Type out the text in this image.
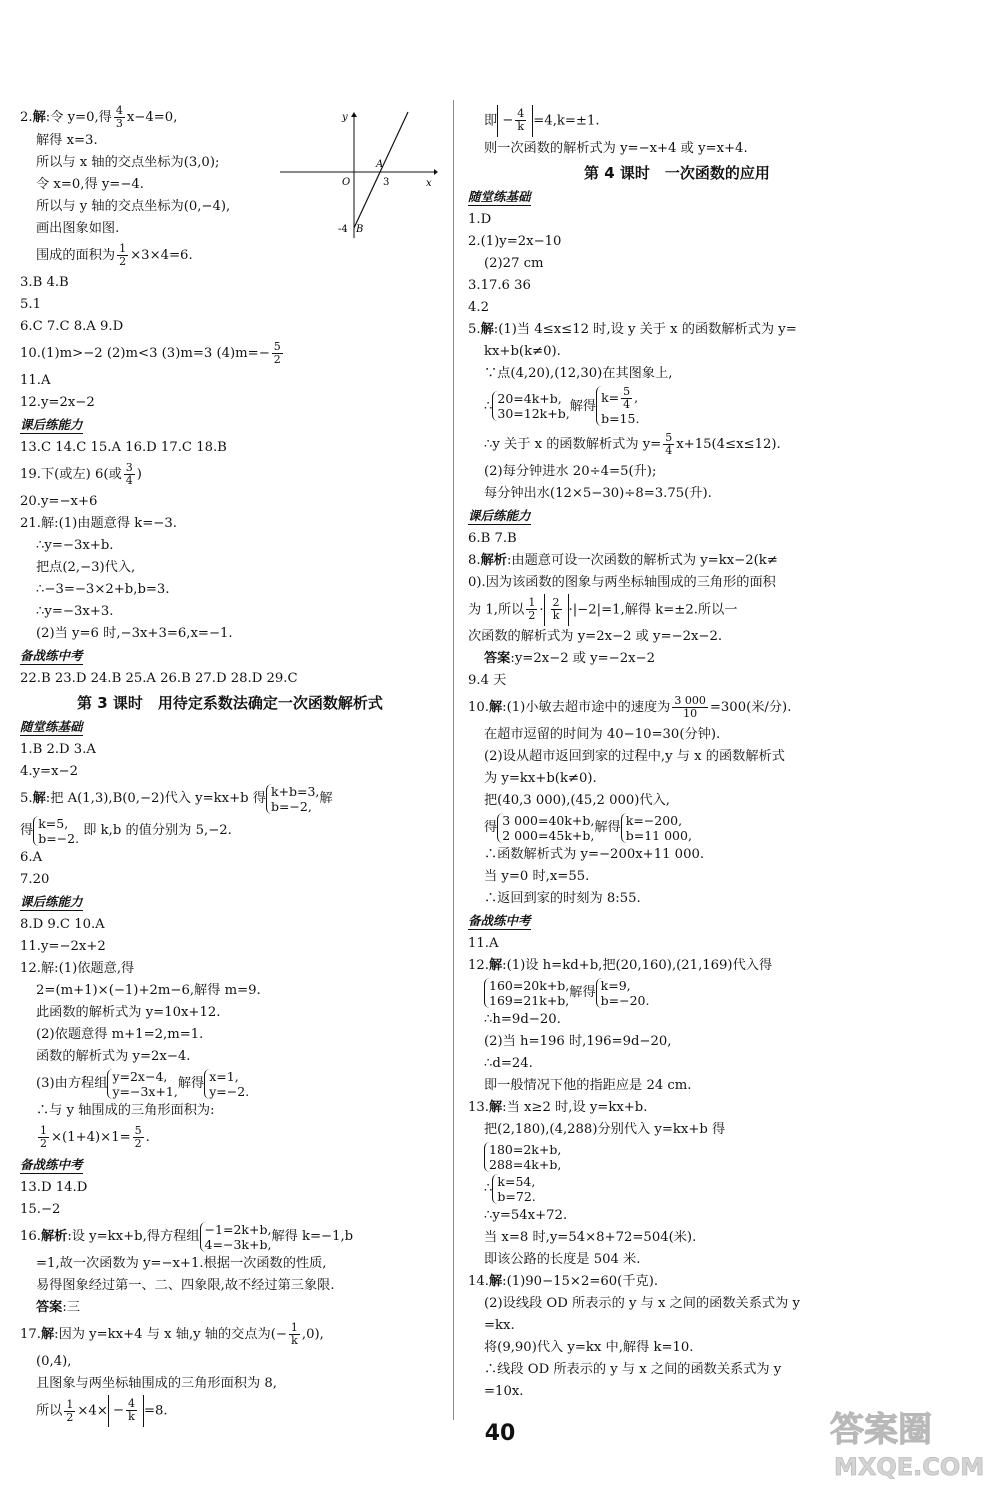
y
x
O
A
3
-4 B
2.解:令 y=0,得 $\frac{4}{3} x-4=0$,
解得 x=3.
所以与 x 轴的交点坐标为(3,0);
令 x=0,得 y=−4.
所以与 y 轴的交点坐标为(0,−4),
画出图象如图.
围成的面积为 $\frac{1}{2} \times 3\times 4=6$.
3.B 4.B
5.1
6.C 7.C 8.A 9.D
10.(1)m>−2 (2)m<3 (3)m=3 $(4)m=- \frac{5}{2}$
11.A
12.y=2x−2
课后练能力
13.C 14.C 15.A 16.D 17.C 18.B
19.下(或左) 6(或 $\frac{3}{4}$ )
20.y=−x+6
21.解:(1)由题意得 k=−3.
∴y=−3x+b.
把点(2,−3)代入,
∴−3=−3×2+b,b=3.
∴y=−3x+3.
(2)当 y=6 时,−3x+3=6,x=−1.
备战练中考
22.B 23.D 24.B 25.A 26.B 27.D 28.D 29.C
第 3 课时　用待定系数法确定一次函数解析式
随堂练基础
1.B 2.D 3.A
4.y=x−2
5.解:把 A(1,3),B(0,−2)代入 y=kx+b 得 k+b=3,
b=−2, 解
得 k=5,
b=−2. 即 k,b 的值分别为 5,−2.
6.A
7.20
课后练能力
8.D 9.C 10.A
11.y=−2x+2
12.解:(1)依题意,得
2=(m+1)×(−1)+2m−6,解得 m=9.
此函数的解析式为 y=10x+12.
(2)依题意得 m+1=2,m=1.
函数的解析式为 y=2x−4.
(3)由方程组 y=2x−4,
y=−3x+1, 解得 x=1,
y=−2.
∴与 y 轴围成的三角形面积为:
$\frac{1}{2} \times(1+4)\times 1= \frac{5}{2}$ .
备战练中考
13.D 14.D
15.−2
16.解析:设 y=kx+b,得方程组 −1=2k+b,
4=−3k+b, 解得 k=−1,b
=1,故一次函数为 y=−x+1.根据一次函数的性质,
易得图象经过第一、二、四象限,故不经过第三象限.
答案:三
17.解:因为 y=kx+4 与 x 轴,y 轴的交点为(− $\frac{1}{k} ,0$),
(0,4),
且图象与两坐标轴围成的三角形面积为 8,
所以 $\frac{1}{2} \times 4\times - \frac{4}{k} =8$.
即 − $\frac{4}{k} =4,k=\pm 1$.
则一次函数的解析式为 y=−x+4 或 y=x+4.
第 4 课时　一次函数的应用
随堂练基础
1.D
2.(1)y=2x−10
(2)27 cm
3.17.6 36
4.2
5.解:(1)当 4≤x≤12 时,设 y 关于 x 的函数解析式为 y=
kx+b(k≠0).
∵点(4,20),(12,30)在其图象上,
∴ 20=4k+b,
30=12k+b, 解得
$k= \frac{5}{4}$ ,
b=15.
∴y 关于 x 的函数解析式为 $y= \frac{5}{4} x+15(4\le x\le 12)$.
(2)每分钟进水 20÷4=5(升);
每分钟出水(12×5−30)÷8=3.75(升).
课后练能力
6.B 7.B
8.解析:由题意可设一次函数的解析式为 y=kx−2(k≠
0).因为该函数的图象与两坐标轴围成的三角形的面积
为 1,所以 $\frac{1}{2} \cdot \frac{2}{k} \cdot|-2|=1$,解得 k=±2.所以一
次函数的解析式为 y=2x−2 或 y=−2x−2.
答案:y=2x−2 或 y=−2x−2
9.4 天
10.解:(1)小敏去超市途中的速度为 $\frac{3 000}{10} =300$(米/分).
在超市逗留的时间为 40−10=30(分钟).
(2)设从超市返回到家的过程中,y 与 x 的函数解析式
为 y=kx+b(k≠0).
把(40,3 000),(45,2 000)代入,
得 3 000=40k+b,
2 000=45k+b, 解得 k=−200,
b=11 000,
∴函数解析式为 y=−200x+11 000.
当 y=0 时,x=55.
∴返回到家的时刻为 8:55.
备战练中考
11.A
12.解:(1)设 h=kd+b,把(20,160),(21,169)代入得
160=20k+b,
169=21k+b, 解得 k=9,
b=−20.
∴h=9d−20.
(2)当 h=196 时,196=9d−20,
∴d=24.
即一般情况下他的指距应是 24 cm.
13.解:当 x≥2 时,设 y=kx+b.
把(2,180),(4,288)分别代入 y=kx+b 得
180=2k+b,
288=4k+b,
∴ k=54,
b=72.
∴y=54x+72.
当 x=8 时,y=54×8+72=504(米).
即该公路的长度是 504 米.
14.解:(1)90−15×2=60(千克).
(2)设线段 OD 所表示的 y 与 x 之间的函数关系式为 y
=kx.
将(9,90)代入 y=kx 中,解得 k=10.
∴线段 OD 所表示的 y 与 x 之间的函数关系式为 y
=10x.
40	答案圈
MXQE.COM
